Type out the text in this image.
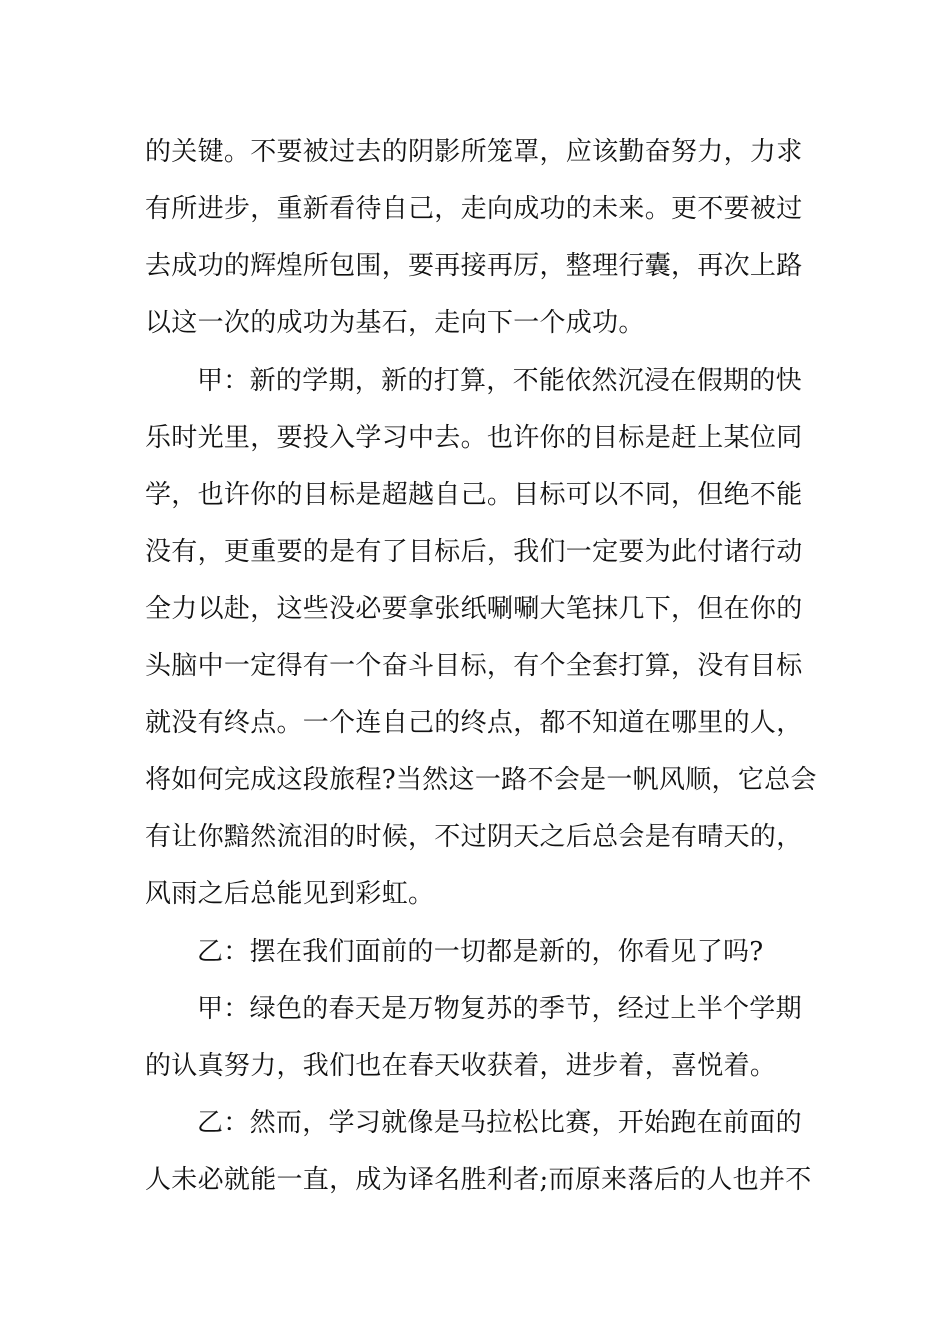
的关键。不要被过去的阴影所笼罩，应该勤奋努力，力求
有所进步，重新看待自己，走向成功的未来。更不要被过
去成功的辉煌所包围，要再接再厉，整理行囊，再次上路
以这一次的成功为基石，走向下一个成功。
甲：新的学期，新的打算，不能依然沉浸在假期的快
乐时光里，要投入学习中去。也许你的目标是赶上某位同
学，也许你的目标是超越自己。目标可以不同，但绝不能
没有，更重要的是有了目标后，我们一定要为此付诸行动
全力以赴，这些没必要拿张纸唰唰大笔抹几下，但在你的
头脑中一定得有一个奋斗目标，有个全套打算，没有目标
就没有终点。一个连自己的终点，都不知道在哪里的人，
将如何完成这段旅程?当然这一路不会是一帆风顺，它总会
有让你黯然流泪的时候，不过阴天之后总会是有晴天的，
风雨之后总能见到彩虹。
乙：摆在我们面前的一切都是新的，你看见了吗?
甲：绿色的春天是万物复苏的季节，经过上半个学期
的认真努力，我们也在春天收获着，进步着，喜悦着。
乙：然而，学习就像是马拉松比赛，开始跑在前面的
人未必就能一直，成为译名胜利者;而原来落后的人也并不
